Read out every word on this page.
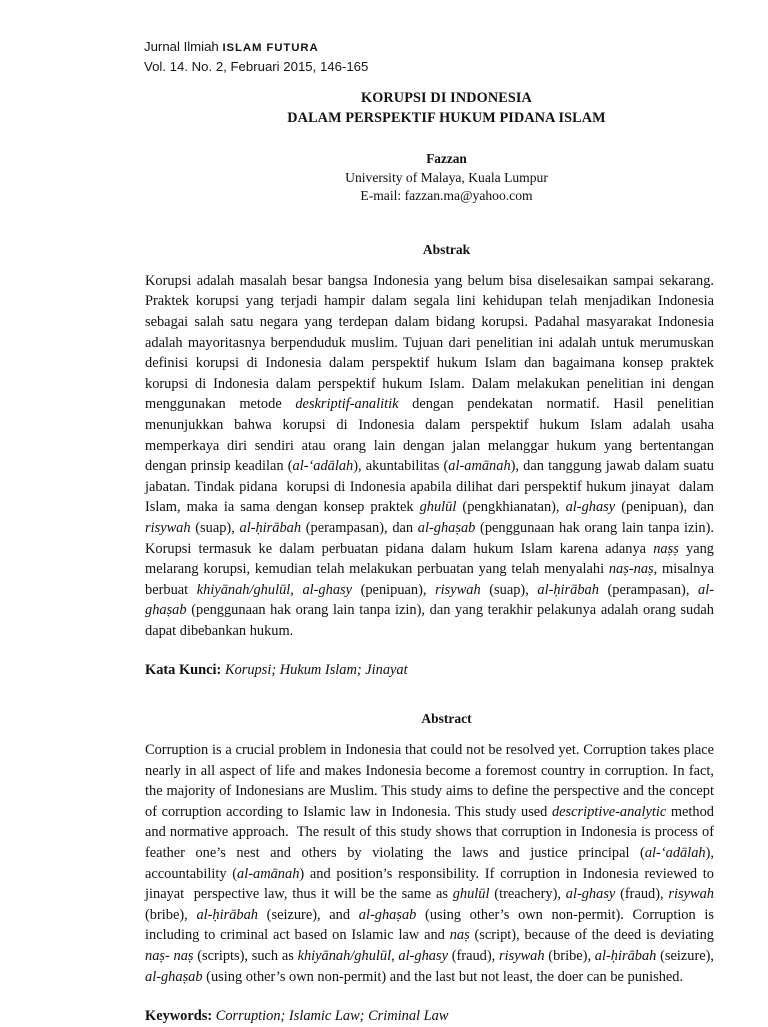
Jurnal Ilmiah ISLAM FUTURA
Vol. 14. No. 2, Februari 2015, 146-165
KORUPSI DI INDONESIA
DALAM PERSPEKTIF HUKUM PIDANA ISLAM
Fazzan
University of Malaya, Kuala Lumpur
E-mail: fazzan.ma@yahoo.com
Abstrak
Korupsi adalah masalah besar bangsa Indonesia yang belum bisa diselesaikan sampai sekarang. Praktek korupsi yang terjadi hampir dalam segala lini kehidupan telah menjadikan Indonesia sebagai salah satu negara yang terdepan dalam bidang korupsi. Padahal masyarakat Indonesia adalah mayoritasnya berpenduduk muslim. Tujuan dari penelitian ini adalah untuk merumuskan definisi korupsi di Indonesia dalam perspektif hukum Islam dan bagaimana konsep praktek korupsi di Indonesia dalam perspektif hukum Islam. Dalam melakukan penelitian ini dengan menggunakan metode deskriptif-analitik dengan pendekatan normatif. Hasil penelitian menunjukkan bahwa korupsi di Indonesia dalam perspektif hukum Islam adalah usaha memperkaya diri sendiri atau orang lain dengan jalan melanggar hukum yang bertentangan dengan prinsip keadilan (al-‘adālah), akuntabilitas (al-amānah), dan tanggung jawab dalam suatu jabatan. Tindak pidana  korupsi di Indonesia apabila dilihat dari perspektif hukum jinayat  dalam Islam, maka ia sama dengan konsep praktek ghulūl (pengkhianatan), al-ghasy (penipuan), dan risywah (suap), al-ḥirābah (perampasan), dan al-ghaṣab (penggunaan hak orang lain tanpa izin). Korupsi termasuk ke dalam perbuatan pidana dalam hukum Islam karena adanya naṣṣ yang melarang korupsi, kemudian telah melakukan perbuatan yang telah menyalahi naṣ-naṣ, misalnya berbuat khiyānah/ghulūl, al-ghasy (penipuan), risywah (suap), al-ḥirābah (perampasan), al-ghaṣab (penggunaan hak orang lain tanpa izin), dan yang terakhir pelakunya adalah orang sudah dapat dibebankan hukum.
Kata Kunci: Korupsi; Hukum Islam; Jinayat
Abstract
Corruption is a crucial problem in Indonesia that could not be resolved yet. Corruption takes place nearly in all aspect of life and makes Indonesia become a foremost country in corruption. In fact, the majority of Indonesians are Muslim. This study aims to define the perspective and the concept of corruption according to Islamic law in Indonesia. This study used descriptive-analytic method and normative approach.  The result of this study shows that corruption in Indonesia is process of feather one’s nest and others by violating the laws and justice principal (al-‘adālah), accountability (al-amānah) and position’s responsibility. If corruption in Indonesia reviewed to jinayat  perspective law, thus it will be the same as ghulūl (treachery), al-ghasy (fraud), risywah (bribe), al-ḥirābah (seizure), and al-ghaṣab (using other’s own non-permit). Corruption is including to criminal act based on Islamic law and naṣ (script), because of the deed is deviating naṣ- naṣ (scripts), such as khiyānah/ghulūl, al-ghasy (fraud), risywah (bribe), al-ḥirābah (seizure), al-ghaṣab (using other’s own non-permit) and the last but not least, the doer can be punished.
Keywords: Corruption; Islamic Law; Criminal Law
